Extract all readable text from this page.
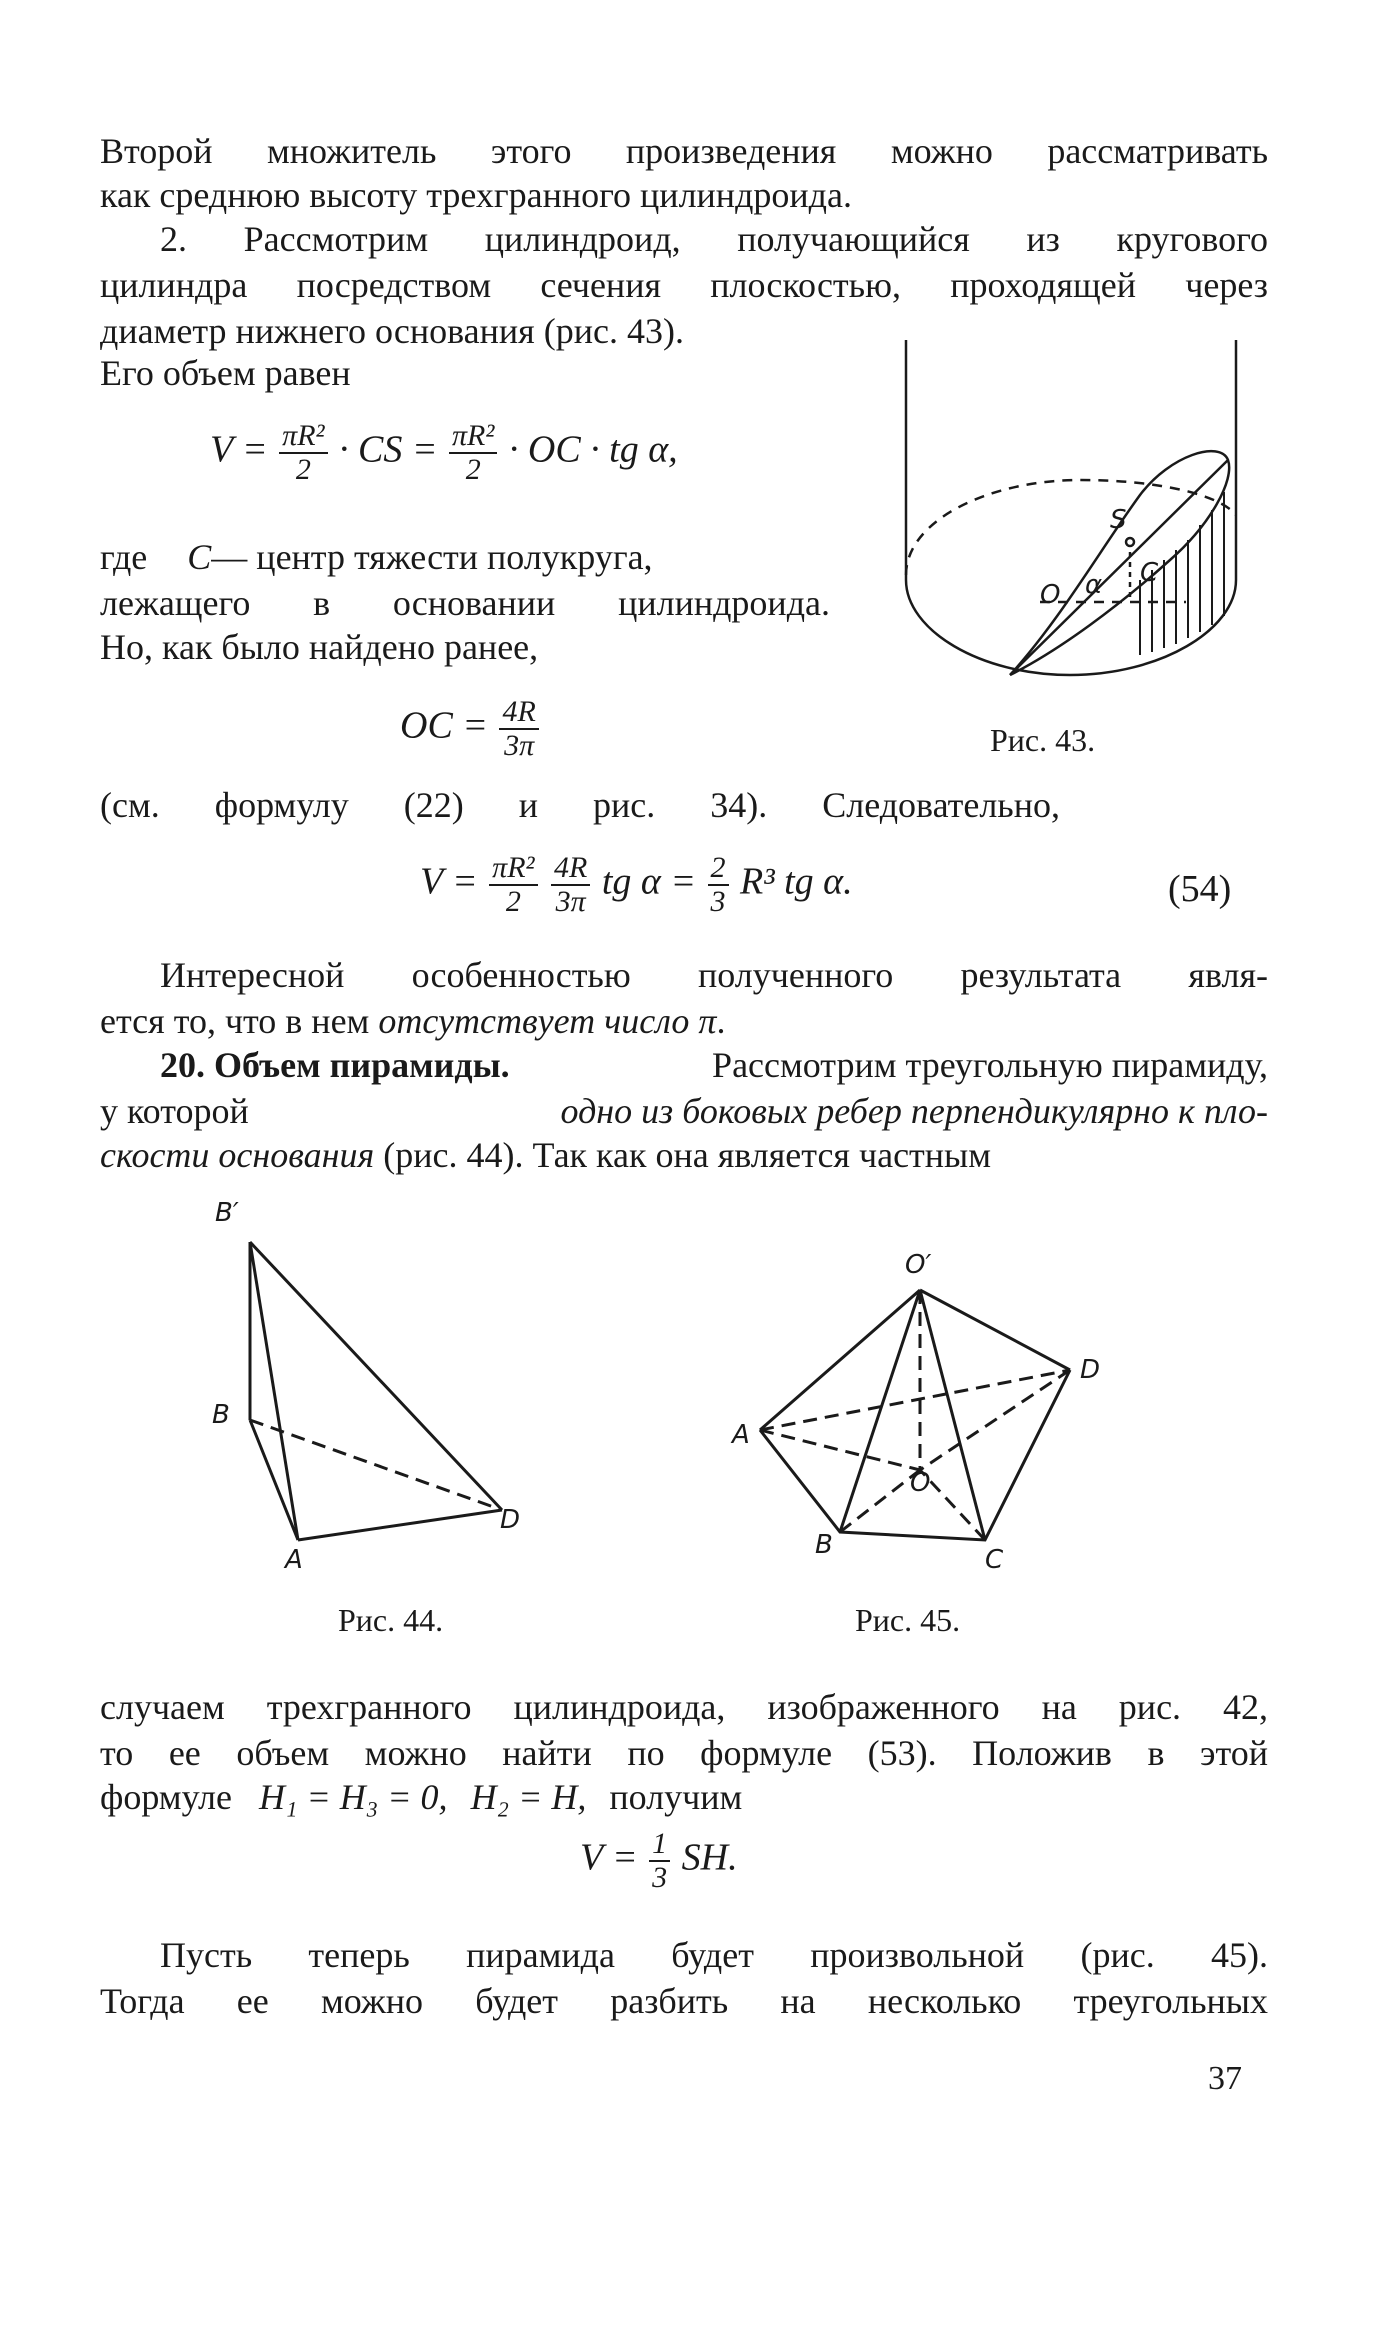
Второй множитель этого произведения можно рассматривать
как среднюю высоту трехгранного цилиндроида.
2. Рассмотрим цилиндроид, получающийся из кругового
цилиндра посредством сечения плоскостью, проходящей через
диаметр нижнего основания (рис. 43).
Его объем равен
$V = \frac{\text{πR²}}{2}$ · CS = $\frac{\text{πR²}}{2}$ · OC · tg α,
где C— центр тяжести полукруга,
лежащего в основании цилиндроида.
Но, как было найдено ранее,
OC = $\frac{4R}{3\pi}$
S
O α C
Рис. 43.
(см. формулу (22) и рис. 34). Следовательно,
$V = \frac{\text{πR²}}{2}$
$\frac{4R}{3\pi}$ tg $\alpha = \frac{2}{3} R^3$ tg α.	(54)
Интересной особенностью полученного результата явля-
ется то, что в нем отсутствует число π.
20. Объем пирамиды.	Рассмотрим треугольную пирамиду,
у которой	одно из боковых ребер перпендикулярно к пло-
скости основания (рис. 44). Так как она является частным
B′
B
A
D
Рис. 44.
O′
A
B	C
D
O
Рис. 45.
случаем трехгранного цилиндроида, изображенного на рис. 42,
то ее объем можно найти по формуле (53). Положив в этой
формуле H₁ = H₃ = 0, H₂ = H, получим
$V = \frac{1}{3}$ SH.
Пусть теперь пирамида будет произвольной (рис. 45).
Тогда ее можно будет разбить на несколько треугольных
37
